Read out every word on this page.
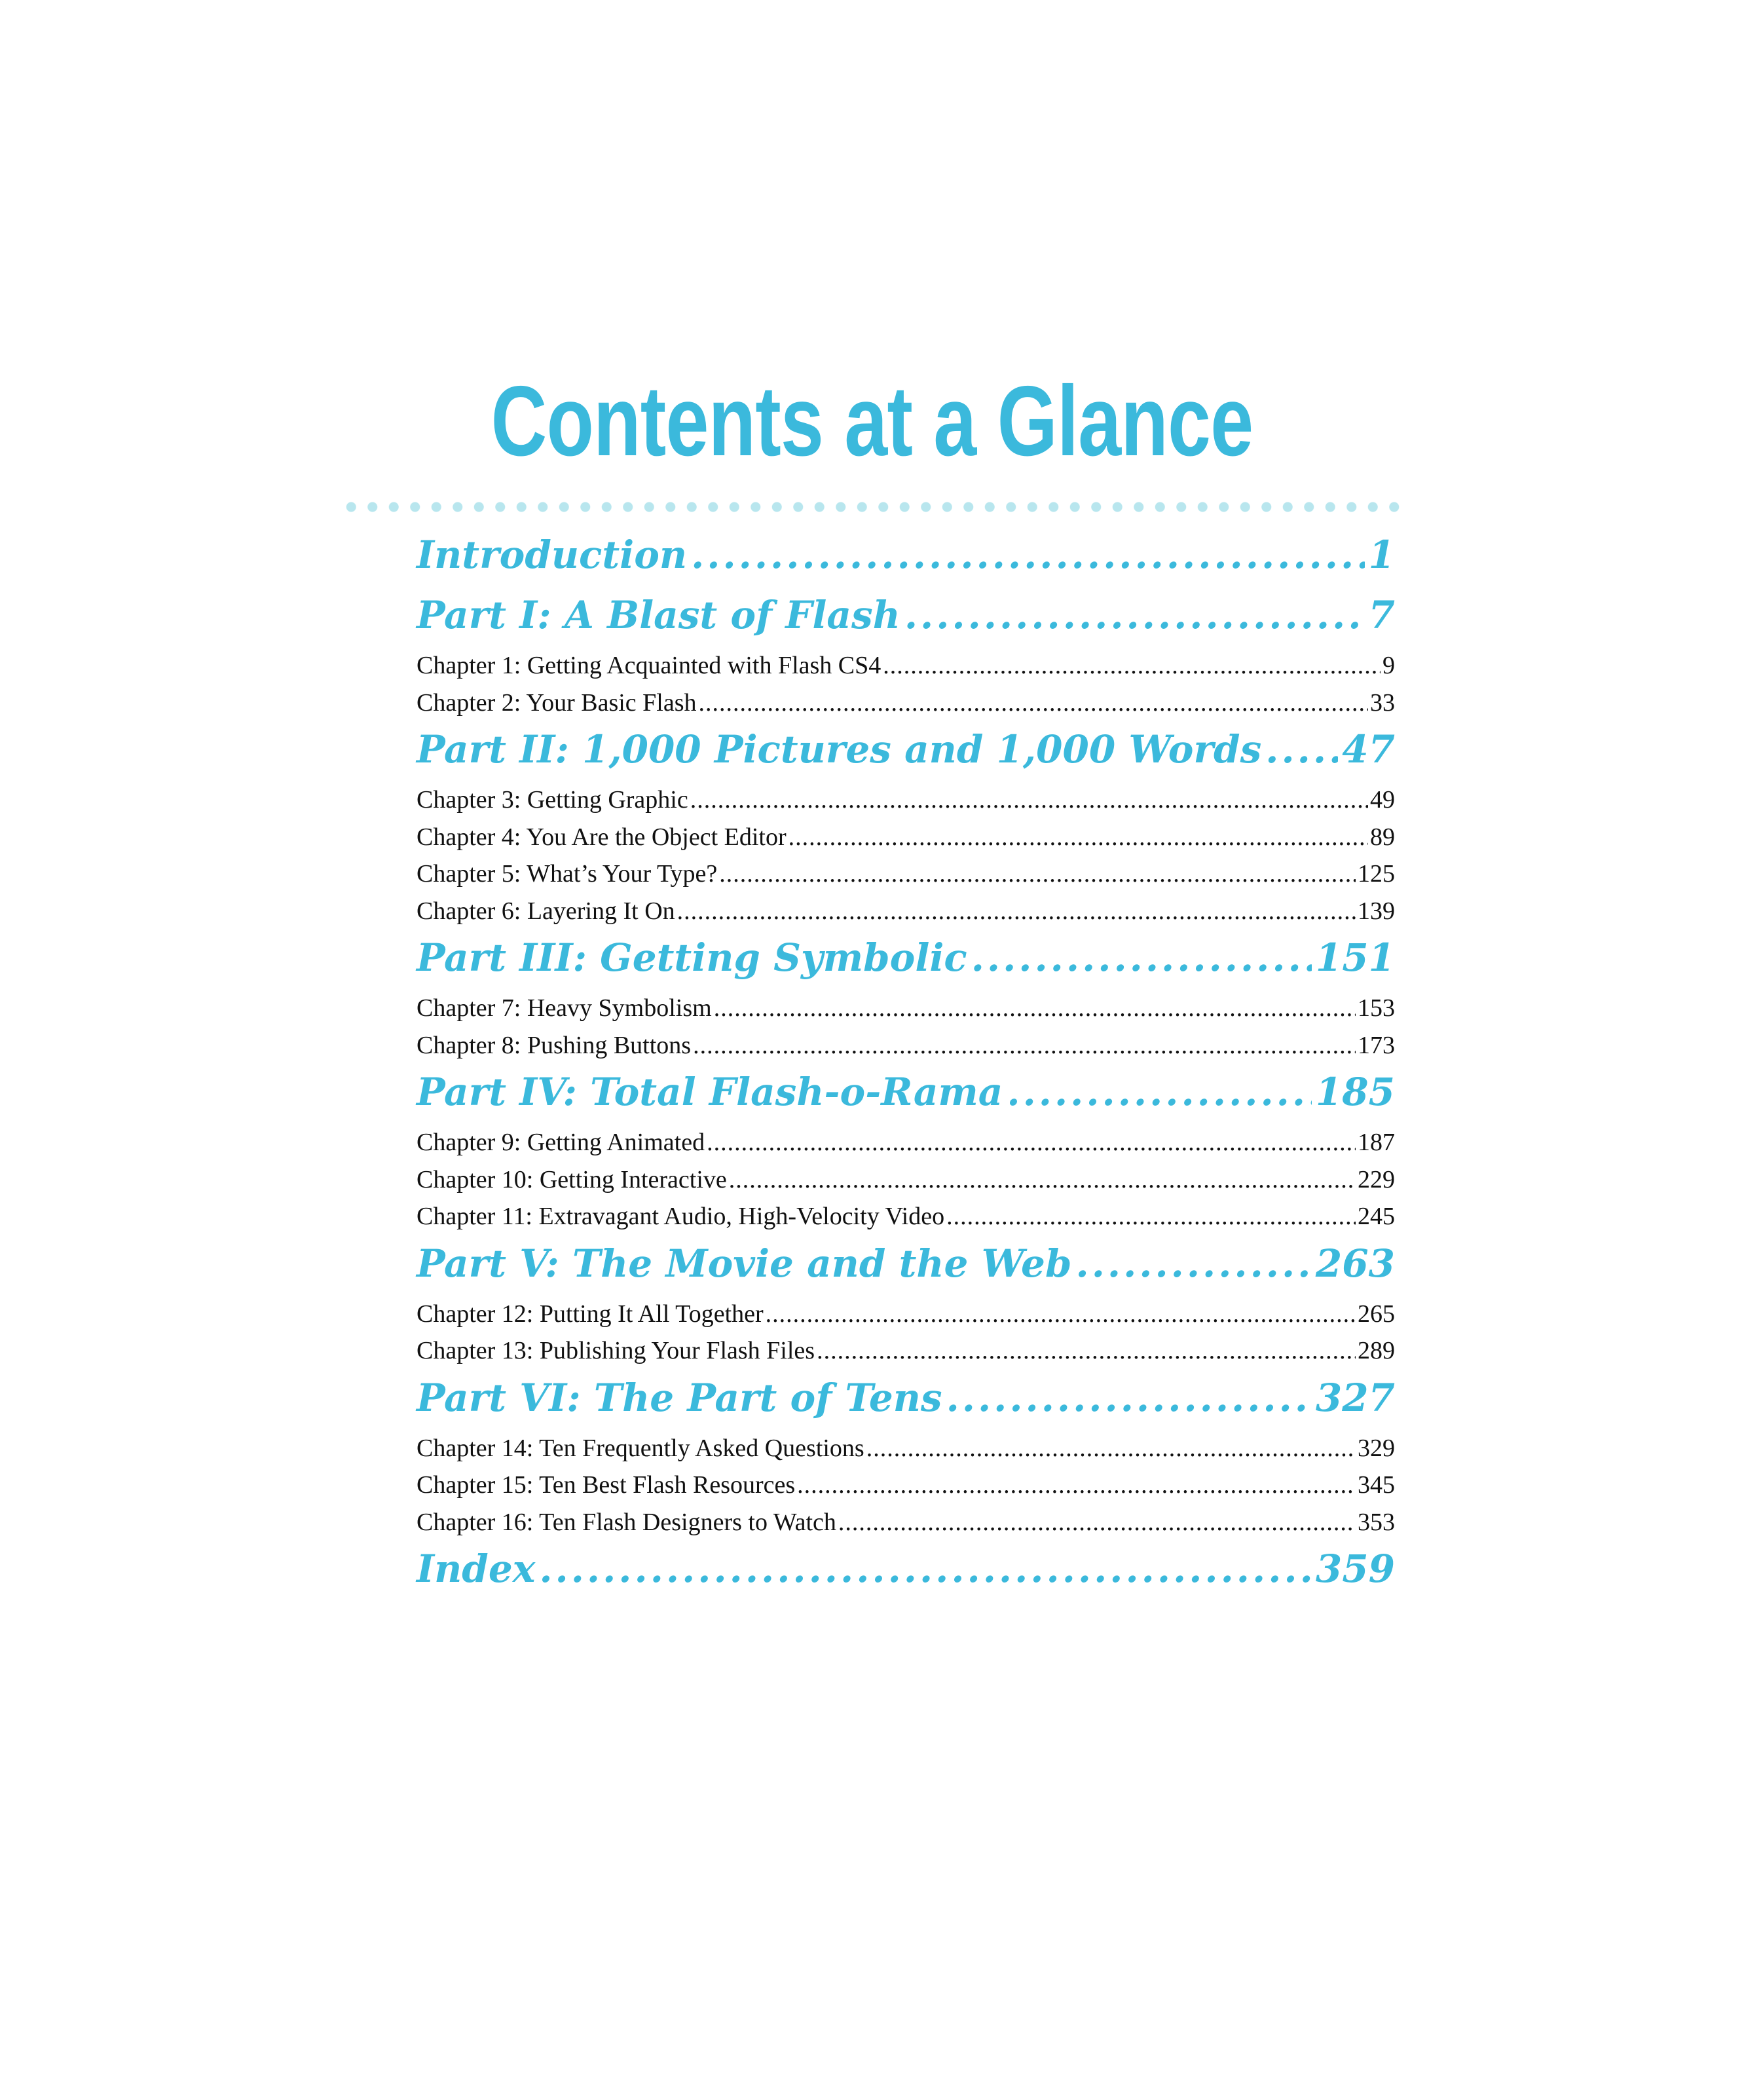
Contents at a Glance
Introduction .....	1
Part I: A Blast of Flash .....	7
Chapter 1: Getting Acquainted with Flash CS4 .....	9
Chapter 2: Your Basic Flash .....	33
Part II: 1,000 Pictures and 1,000 Words ..... 47
Chapter 3: Getting Graphic .....	49
Chapter 4: You Are the Object Editor .....	89
Chapter 5: What’s Your Type? .....	125
Chapter 6: Layering It On .....	139
Part III: Getting Symbolic .....	151
Chapter 7: Heavy Symbolism .....	153
Chapter 8: Pushing Buttons .....	173
Part IV: Total Flash-o-Rama .....	185
Chapter 9: Getting Animated .....	187
Chapter 10: Getting Interactive .....	229
Chapter 11: Extravagant Audio, High-Velocity Video .....	245
Part V: The Movie and the Web .....	263
Chapter 12: Putting It All Together .....	265
Chapter 13: Publishing Your Flash Files .....	289
Part VI: The Part of Tens .....	327
Chapter 14: Ten Frequently Asked Questions .....	329
Chapter 15: Ten Best Flash Resources .....	345
Chapter 16: Ten Flash Designers to Watch .....	353
Index .....	359
